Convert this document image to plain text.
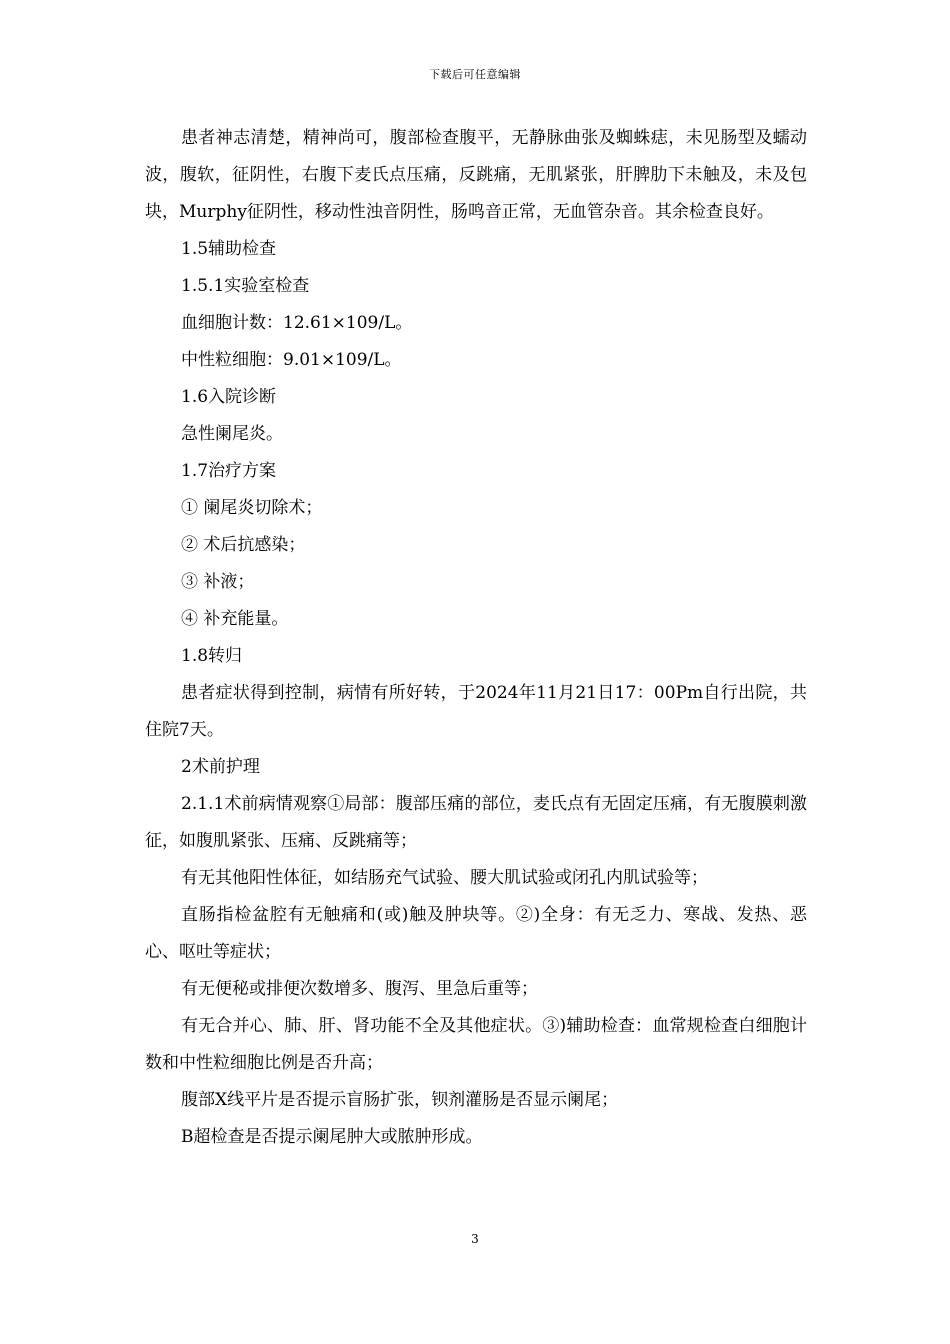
下载后可任意编辑

患者神志清楚，精神尚可，腹部检查腹平，无静脉曲张及蜘蛛痣，未见肠型及蠕动波，腹软，征阴性，右腹下麦氏点压痛，反跳痛，无肌紧张，肝脾肋下未触及，未及包块，Murphy征阴性，移动性浊音阴性，肠鸣音正常，无血管杂音。其余检查良好。

1.5辅助检查

1.5.1实验室检查

血细胞计数：12.61×109/L。

中性粒细胞：9.01×109/L。

1.6入院诊断

急性阑尾炎。

1.7治疗方案

① 阑尾炎切除术；

② 术后抗感染；

③ 补液；

④ 补充能量。

1.8转归

患者症状得到控制，病情有所好转，于2024年11月21日17：00Pm自行出院，共住院7天。

2术前护理

2.1.1术前病情观察①局部：腹部压痛的部位，麦氏点有无固定压痛，有无腹膜刺激征，如腹肌紧张、压痛、反跳痛等；

有无其他阳性体征，如结肠充气试验、腰大肌试验或闭孔内肌试验等；

直肠指检盆腔有无触痛和(或)触及肿块等。②)全身：有无乏力、寒战、发热、恶心、呕吐等症状；

有无便秘或排便次数增多、腹泻、里急后重等；

有无合并心、肺、肝、肾功能不全及其他症状。③)辅助检查：血常规检查白细胞计数和中性粒细胞比例是否升高；

腹部X线平片是否提示盲肠扩张，钡剂灌肠是否显示阑尾；

B超检查是否提示阑尾肿大或脓肿形成。

3
